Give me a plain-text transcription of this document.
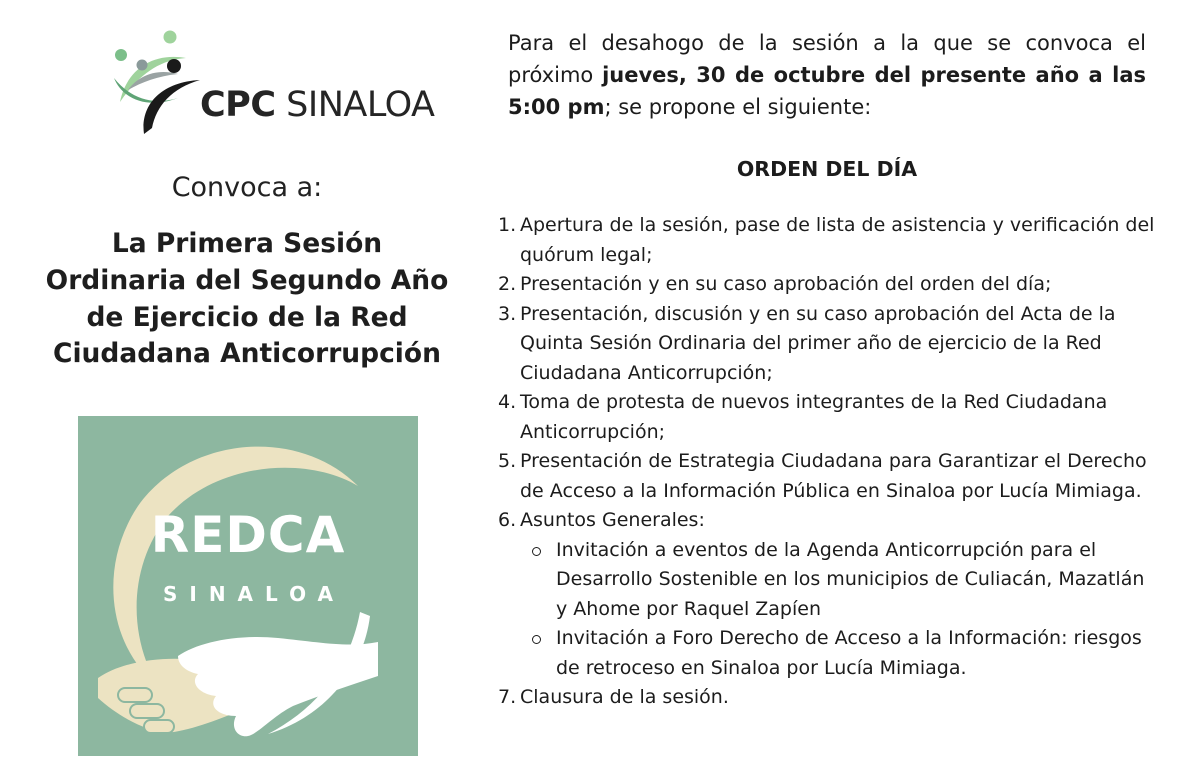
CPC SINALOA
Convoca a:
La Primera Sesión
Ordinaria del Segundo Año
de Ejercicio de la Red
Ciudadana Anticorrupción
REDCA
SINALOA
Para el desahogo de la sesión a la que se convoca el próximo jueves, 30 de octubre del presente año a las 5:00 pm; se propone el siguiente:
ORDEN DEL DÍA
1. Apertura de la sesión, pase de lista de asistencia y verificación del quórum legal;
2. Presentación y en su caso aprobación del orden del día;
3. Presentación, discusión y en su caso aprobación del Acta de la Quinta Sesión Ordinaria del primer año de ejercicio de la Red Ciudadana Anticorrupción;
4. Toma de protesta de nuevos integrantes de la Red Ciudadana Anticorrupción;
5. Presentación de Estrategia Ciudadana para Garantizar el Derecho de Acceso a la Información Pública en Sinaloa por Lucía Mimiaga.
6. Asuntos Generales:
Invitación a eventos de la Agenda Anticorrupción para el Desarrollo Sostenible en los municipios de Culiacán, Mazatlán y Ahome por Raquel Zapíen
Invitación a Foro Derecho de Acceso a la Información: riesgos de retroceso en Sinaloa por Lucía Mimiaga.
7. Clausura de la sesión.
